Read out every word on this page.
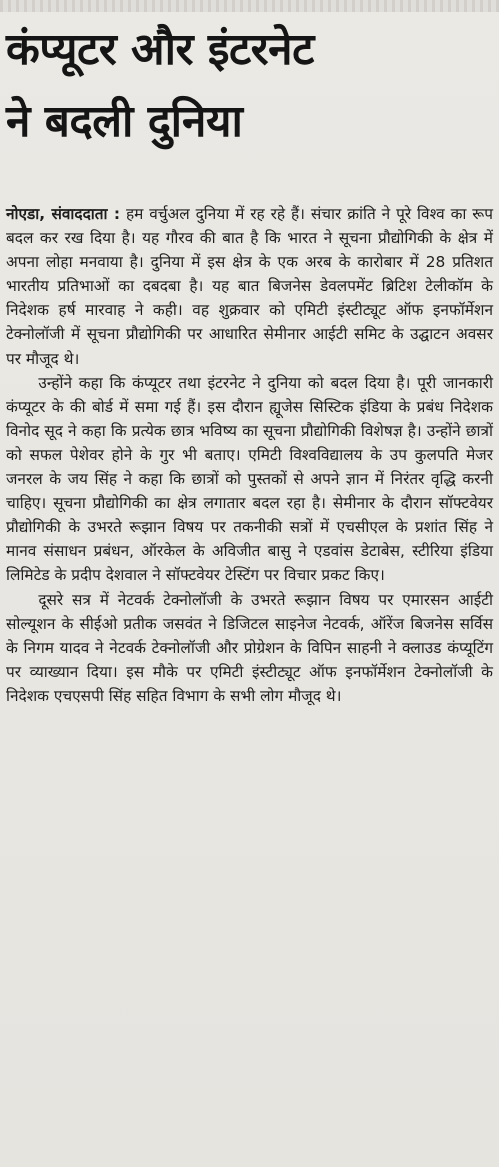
कंप्यूटर और इंटरनेट
ने बदली दुनिया

नोएडा, संवाददाता : हम वर्चुअल दुनिया में रह रहे हैं। संचार क्रांति ने पूरे विश्व का रूप बदल कर रख दिया है। यह गौरव की बात है कि भारत ने सूचना प्रौद्योगिकी के क्षेत्र में अपना लोहा मनवाया है। दुनिया में इस क्षेत्र के एक अरब के कारोबार में 28 प्रतिशत भारतीय प्रतिभाओं का दबदबा है। यह बात बिजनेस डेवलपमेंट ब्रिटिश टेलीकॉम के निदेशक हर्ष मारवाह ने कही। वह शुक्रवार को एमिटी इंस्टीट्यूट ऑफ इनफॉर्मेशन टेक्नोलॉजी में सूचना प्रौद्योगिकी पर आधारित सेमीनार आईटी समिट के उद्घाटन अवसर पर मौजूद थे।

उन्होंने कहा कि कंप्यूटर तथा इंटरनेट ने दुनिया को बदल दिया है। पूरी जानकारी कंप्यूटर के की बोर्ड में समा गई हैं। इस दौरान ह्यूजेस सिस्टिक इंडिया के प्रबंध निदेशक विनोद सूद ने कहा कि प्रत्येक छात्र भविष्य का सूचना प्रौद्योगिकी विशेषज्ञ है। उन्होंने छात्रों को सफल पेशेवर होने के गुर भी बताए। एमिटी विश्वविद्यालय के उप कुलपति मेजर जनरल के जय सिंह ने कहा कि छात्रों को पुस्तकों से अपने ज्ञान में निरंतर वृद्धि करनी चाहिए। सूचना प्रौद्योगिकी का क्षेत्र लगातार बदल रहा है। सेमीनार के दौरान सॉफ्टवेयर प्रौद्योगिकी के उभरते रूझान विषय पर तकनीकी सत्रों में एचसीएल के प्रशांत सिंह ने मानव संसाधन प्रबंधन, ऑरकेल के अविजीत बासु ने एडवांस डेटाबेस, स्टीरिया इंडिया लिमिटेड के प्रदीप देशवाल ने सॉफ्टवेयर टेस्टिंग पर विचार प्रकट किए।

दूसरे सत्र में नेटवर्क टेक्नोलॉजी के उभरते रूझान विषय पर एमारसन आईटी सोल्यूशन के सीईओ प्रतीक जसवंत ने डिजिटल साइनेज नेटवर्क, ऑरेंज बिजनेस सर्विस के निगम यादव ने नेटवर्क टेक्नोलॉजी और प्रोग्रेशन के विपिन साहनी ने क्लाउड कंप्यूटिंग पर व्याख्यान दिया। इस मौके पर एमिटी इंस्टीट्यूट ऑफ इनफॉर्मेशन टेक्नोलॉजी के निदेशक एचएसपी सिंह सहित विभाग के सभी लोग मौजूद थे।
